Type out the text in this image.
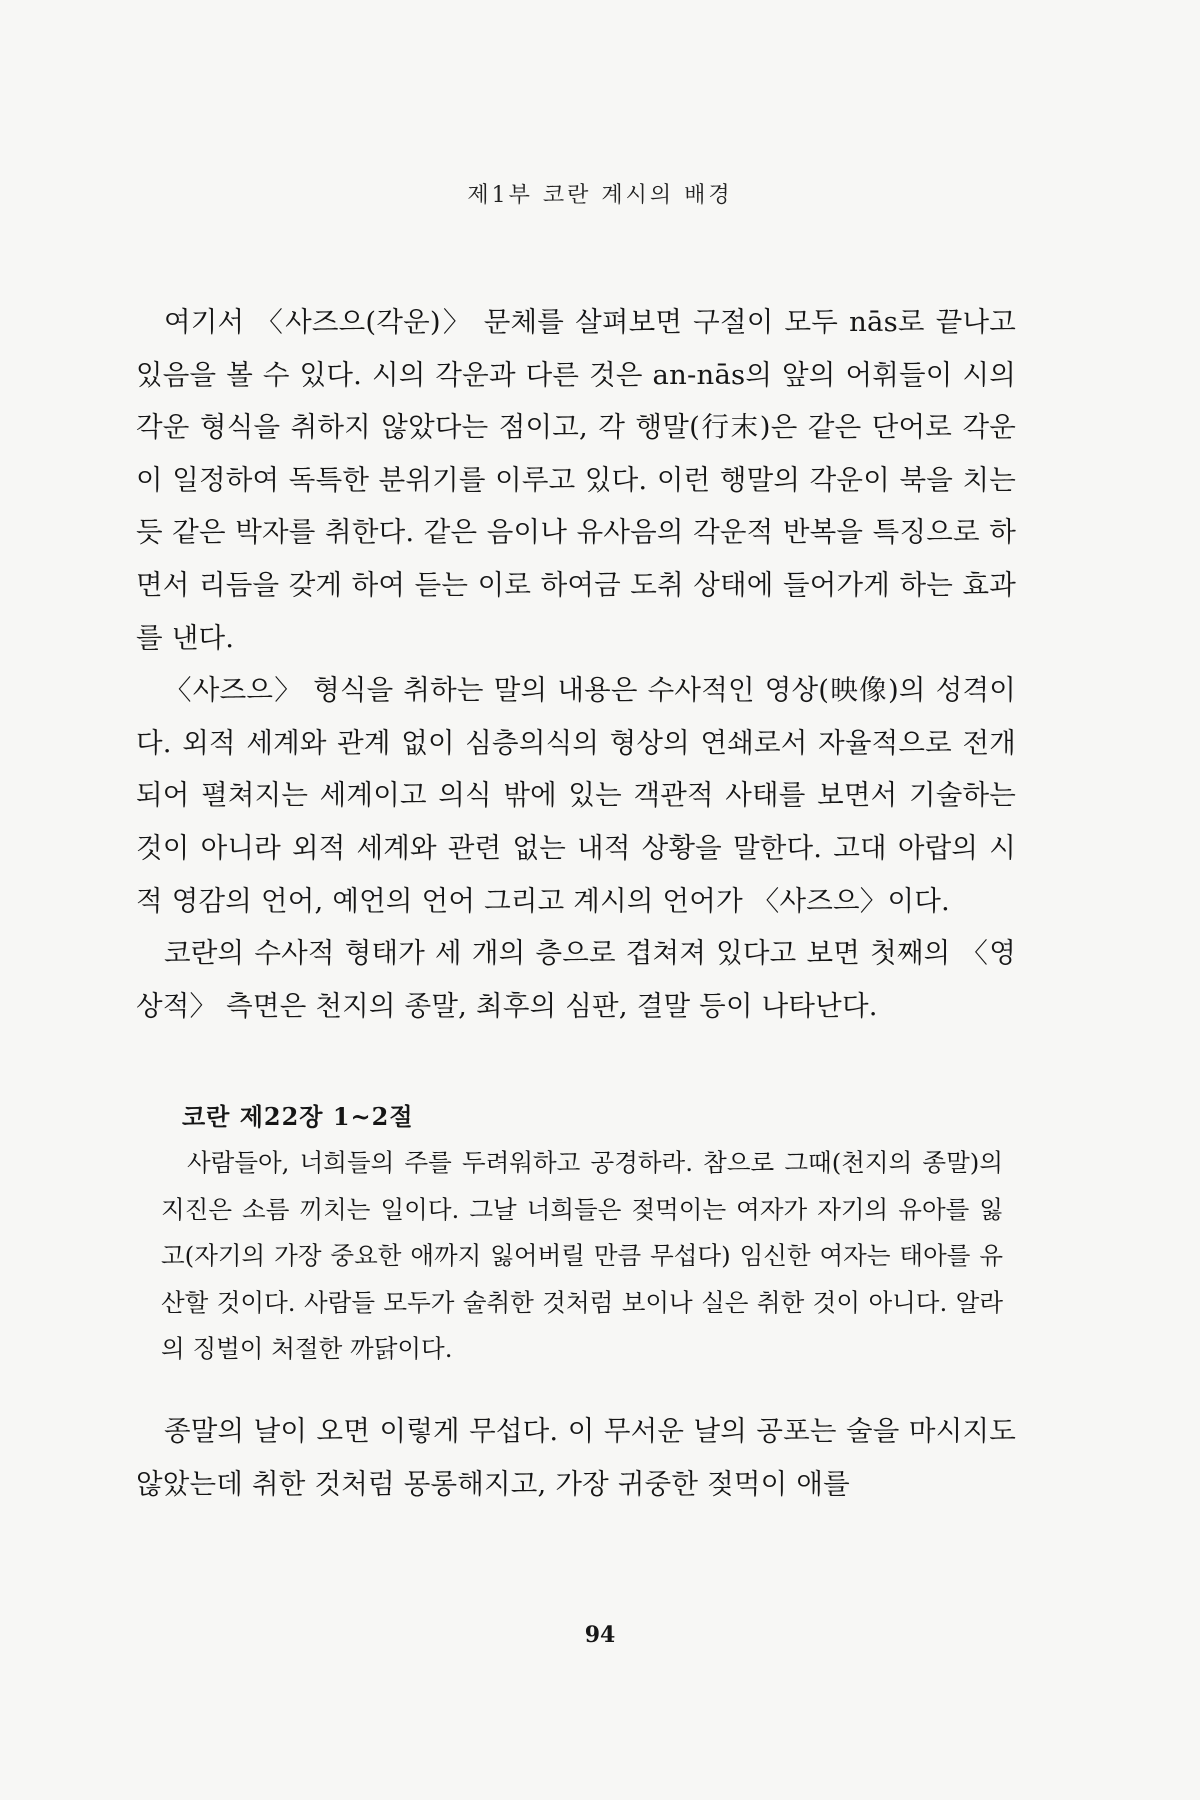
제1부 코란 계시의 배경

여기서 〈사즈으(각운)〉 문체를 살펴보면 구절이 모두 nās로 끝나고 있음을 볼 수 있다. 시의 각운과 다른 것은 an-nās의 앞의 어휘들이 시의 각운 형식을 취하지 않았다는 점이고, 각 행말(行末)은 같은 단어로 각운이 일정하여 독특한 분위기를 이루고 있다. 이런 행말의 각운이 북을 치는 듯 같은 박자를 취한다. 같은 음이나 유사음의 각운적 반복을 특징으로 하면서 리듬을 갖게 하여 듣는 이로 하여금 도취 상태에 들어가게 하는 효과를 낸다.

〈사즈으〉 형식을 취하는 말의 내용은 수사적인 영상(映像)의 성격이다. 외적 세계와 관계 없이 심층의식의 형상의 연쇄로서 자율적으로 전개되어 펼쳐지는 세계이고 의식 밖에 있는 객관적 사태를 보면서 기술하는 것이 아니라 외적 세계와 관련 없는 내적 상황을 말한다. 고대 아랍의 시적 영감의 언어, 예언의 언어 그리고 계시의 언어가 〈사즈으〉이다.

코란의 수사적 형태가 세 개의 층으로 겹쳐져 있다고 보면 첫째의 〈영상적〉 측면은 천지의 종말, 최후의 심판, 결말 등이 나타난다.

코란 제22장 1~2절

사람들아, 너희들의 주를 두려워하고 공경하라. 참으로 그때(천지의 종말)의 지진은 소름 끼치는 일이다. 그날 너희들은 젖먹이는 여자가 자기의 유아를 잃고(자기의 가장 중요한 애까지 잃어버릴 만큼 무섭다) 임신한 여자는 태아를 유산할 것이다. 사람들 모두가 술취한 것처럼 보이나 실은 취한 것이 아니다. 알라의 징벌이 처절한 까닭이다.

종말의 날이 오면 이렇게 무섭다. 이 무서운 날의 공포는 술을 마시지도 않았는데 취한 것처럼 몽롱해지고, 가장 귀중한 젖먹이 애를

94
